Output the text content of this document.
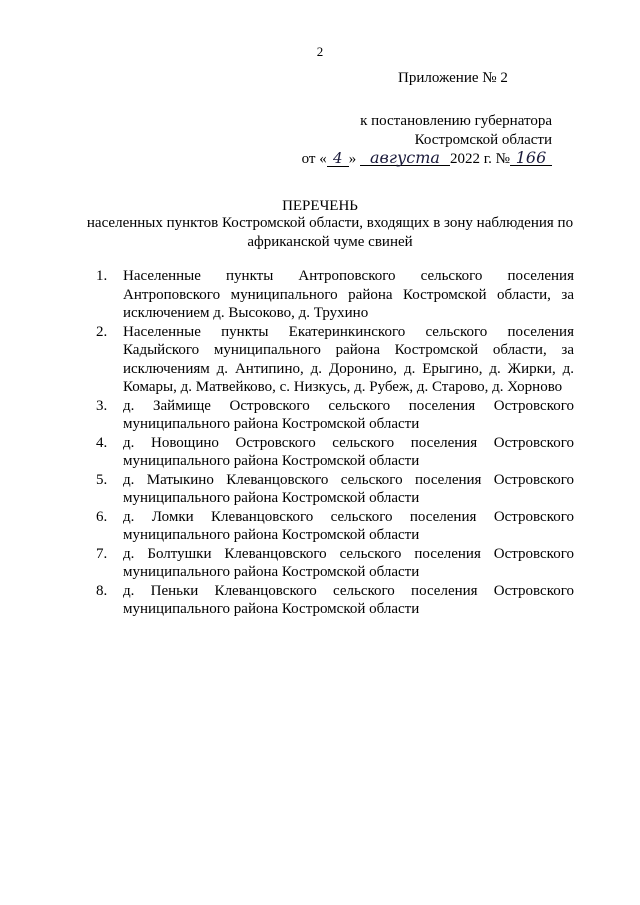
2
Приложение № 2
к постановлению губернатора
Костромской области
от « 4 » августа 2022 г. № 166
ПЕРЕЧЕНЬ
населенных пунктов Костромской области, входящих в зону наблюдения по африканской чуме свиней
1.	Населенные пункты Антроповского сельского поселения Антроповского муниципального района Костромской области, за исключением д. Высоково, д. Трухино
2.	Населенные пункты Екатеринкинского сельского поселения Кадыйского муниципального района Костромской области, за исключениям д. Антипино, д. Доронино, д. Ерыгино, д. Жирки, д. Комары, д. Матвейково, с. Низкусь, д. Рубеж, д. Старово, д. Хорново
3.	д. Займище Островского сельского поселения Островского муниципального района Костромской области
4.	д. Новощино Островского сельского поселения Островского муниципального района Костромской области
5.	д. Матыкино Клеванцовского сельского поселения Островского муниципального района Костромской области
6.	д. Ломки Клеванцовского сельского поселения Островского муниципального района Костромской области
7.	д. Болтушки Клеванцовского сельского поселения Островского муниципального района Костромской области
8.	д. Пеньки Клеванцовского сельского поселения Островского муниципального района Костромской области
